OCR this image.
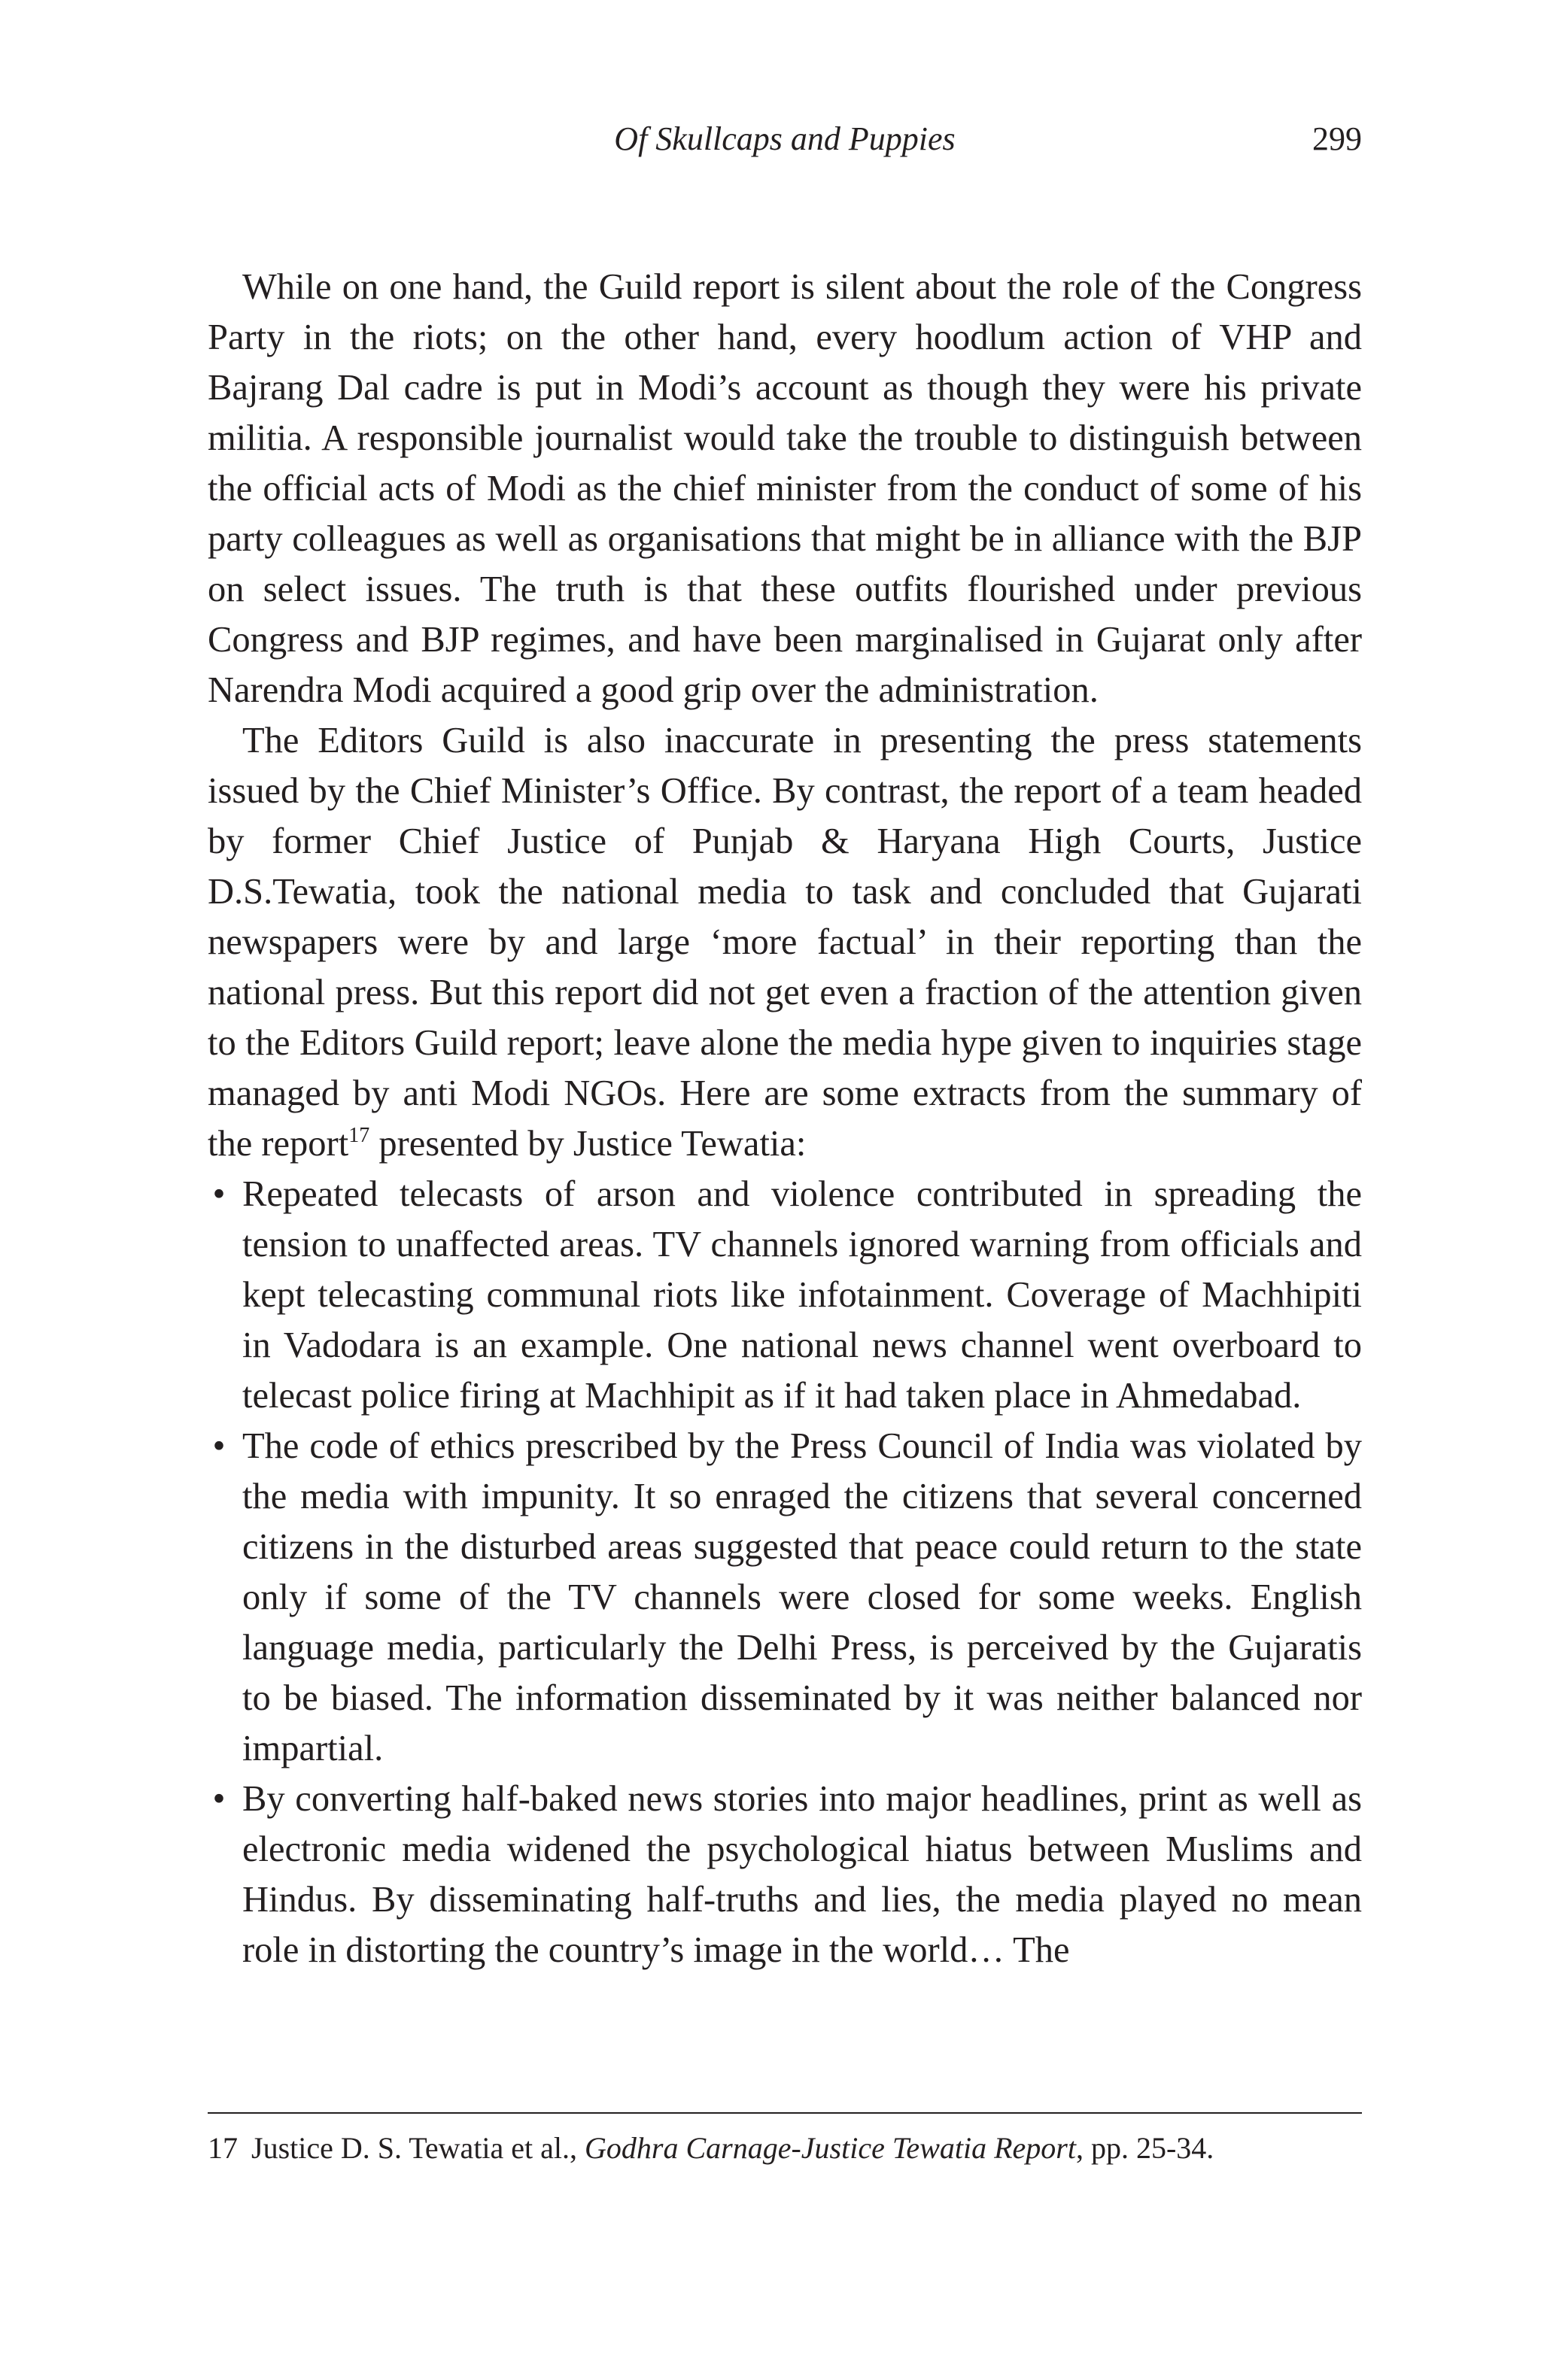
Of Skullcaps and Puppies	299

While on one hand, the Guild report is silent about the role of the Congress Party in the riots; on the other hand, every hoodlum action of VHP and Bajrang Dal cadre is put in Modi’s account as though they were his private militia. A responsible journalist would take the trouble to distinguish between the official acts of Modi as the chief minister from the conduct of some of his party colleagues as well as organisations that might be in alliance with the BJP on select issues. The truth is that these outfits flourished under previous Congress and BJP regimes, and have been marginalised in Gujarat only after Narendra Modi acquired a good grip over the administration.

The Editors Guild is also inaccurate in presenting the press statements issued by the Chief Minister’s Office. By contrast, the report of a team headed by former Chief Justice of Punjab & Haryana High Courts, Justice D.S.Tewatia, took the national media to task and concluded that Gujarati newspapers were by and large ‘more factual’ in their reporting than the national press. But this report did not get even a fraction of the attention given to the Editors Guild report; leave alone the media hype given to inquiries stage managed by anti Modi NGOs. Here are some extracts from the summary of the report$^{17}$ presented by Justice Tewatia:

• Repeated telecasts of arson and violence contributed in spreading the tension to unaffected areas. TV channels ignored warning from officials and kept telecasting communal riots like infotainment. Coverage of Machhipiti in Vadodara is an example. One national news channel went overboard to telecast police firing at Machhipit as if it had taken place in Ahmedabad.
• The code of ethics prescribed by the Press Council of India was violated by the media with impunity. It so enraged the citizens that several concerned citizens in the disturbed areas suggested that peace could return to the state only if some of the TV channels were closed for some weeks. English language media, particularly the Delhi Press, is perceived by the Gujaratis to be biased. The information disseminated by it was neither balanced nor impartial.
• By converting half-baked news stories into major headlines, print as well as electronic media widened the psychological hiatus between Muslims and Hindus. By disseminating half-truths and lies, the media played no mean role in distorting the country’s image in the world… The
17 Justice D. S. Tewatia et al., Godhra Carnage-Justice Tewatia Report, pp. 25-34.
